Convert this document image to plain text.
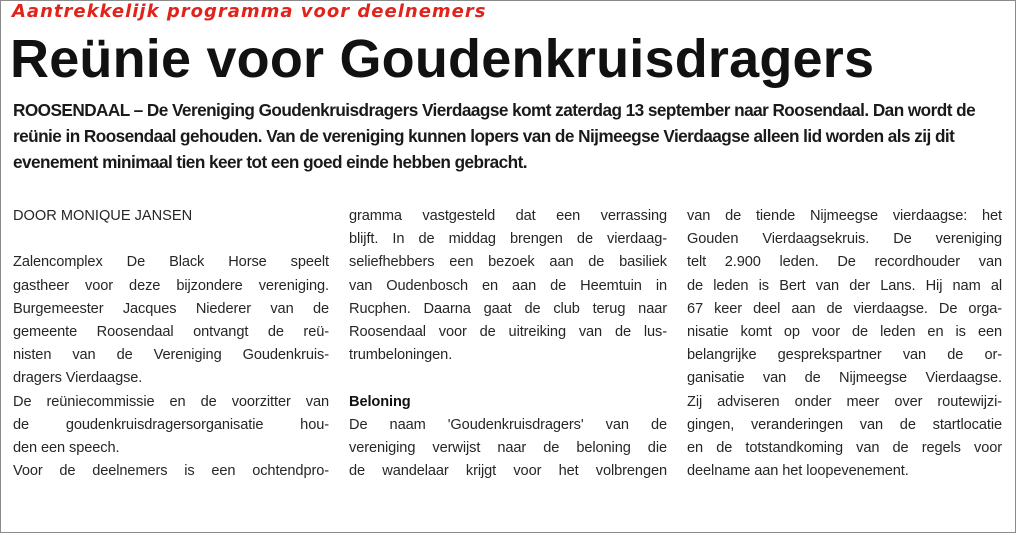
Aantrekkelijk programma voor deelnemers
Reünie voor Goudenkruisdragers
ROOSENDAAL – De Vereniging Goudenkruisdragers Vierdaagse komt zaterdag 13 september naar Roosendaal. Dan wordt de reünie in Roosendaal gehouden. Van de vereniging kunnen lopers van de Nijmeegse Vierdaagse alleen lid worden als zij dit evenement minimaal tien keer tot een goed einde hebben gebracht.
DOOR MONIQUE JANSEN
Zalencomplex De Black Horse speelt
gastheer voor deze bijzondere vereniging.
Burgemeester Jacques Niederer van de
gemeente Roosendaal ontvangt de reü-
nisten van de Vereniging Goudenkruis-
dragers Vierdaagse.
De reüniecommissie en de voorzitter van
de goudenkruisdragersorganisatie hou-
den een speech.
Voor de deelnemers is een ochtendpro-
gramma vastgesteld dat een verrassing
blijft. In de middag brengen de vierdaag-
seliefhebbers een bezoek aan de basiliek
van Oudenbosch en aan de Heemtuin in
Rucphen. Daarna gaat de club terug naar
Roosendaal voor de uitreiking van de lus-
trumbeloningen.
Beloning
De naam 'Goudenkruisdragers' van de
vereniging verwijst naar de beloning die
de wandelaar krijgt voor het volbrengen
van de tiende Nijmeegse vierdaagse: het
Gouden Vierdaagsekruis. De vereniging
telt 2.900 leden. De recordhouder van
de leden is Bert van der Lans. Hij nam al
67 keer deel aan de vierdaagse. De orga-
nisatie komt op voor de leden en is een
belangrijke gesprekspartner van de or-
ganisatie van de Nijmeegse Vierdaagse.
Zij adviseren onder meer over routewijzi-
gingen, veranderingen van de startlocatie
en de totstandkoming van de regels voor
deelname aan het loopevenement.
